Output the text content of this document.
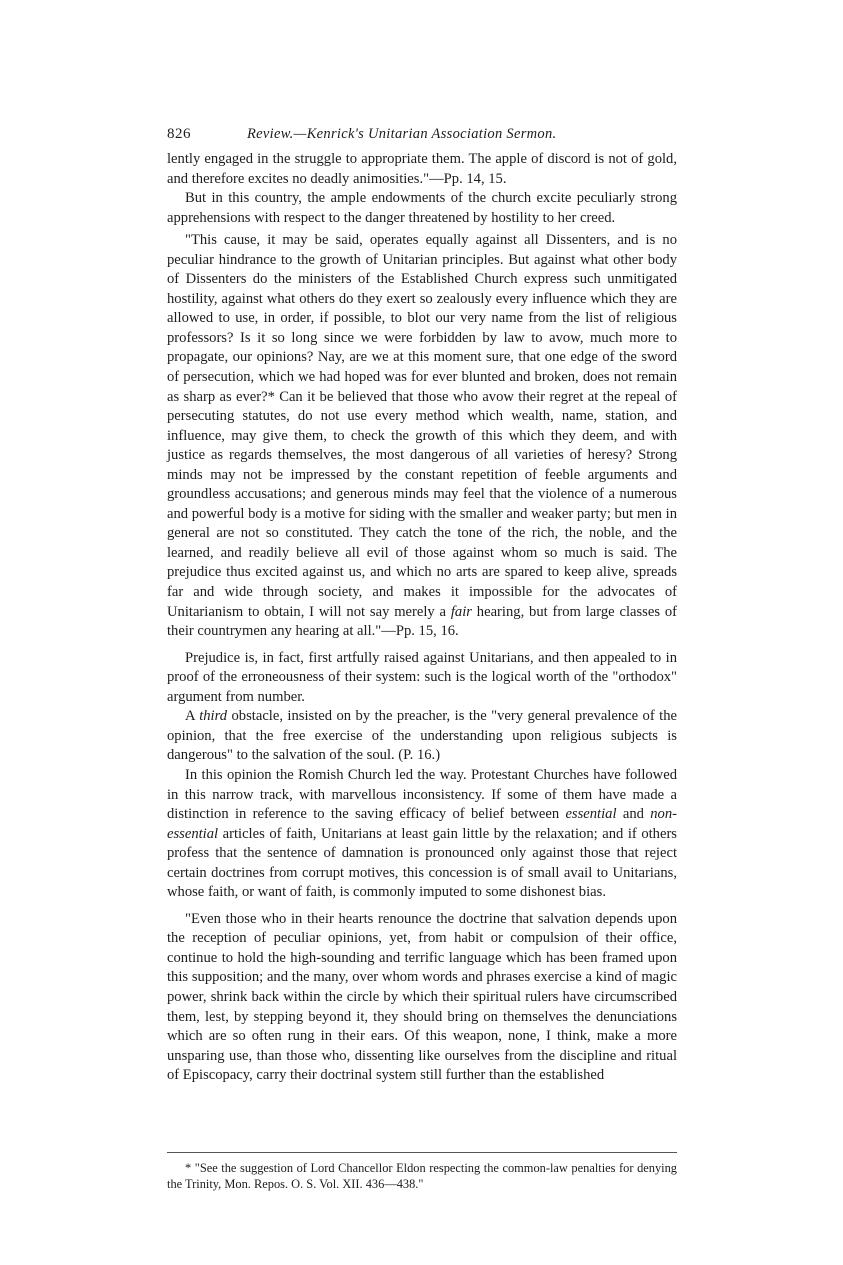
826	Review.—Kenrick's Unitarian Association Sermon.

lently engaged in the struggle to appropriate them. The apple of discord is not of gold, and therefore excites no deadly animosities."—Pp. 14, 15.

But in this country, the ample endowments of the church excite peculiarly strong apprehensions with respect to the danger threatened by hostility to her creed.

"This cause, it may be said, operates equally against all Dissenters, and is no peculiar hindrance to the growth of Unitarian principles. But against what other body of Dissenters do the ministers of the Established Church express such unmitigated hostility, against what others do they exert so zealously every influence which they are allowed to use, in order, if possible, to blot our very name from the list of religious professors? Is it so long since we were forbidden by law to avow, much more to propagate, our opinions? Nay, are we at this moment sure, that one edge of the sword of persecution, which we had hoped was for ever blunted and broken, does not remain as sharp as ever?* Can it be believed that those who avow their regret at the repeal of persecuting statutes, do not use every method which wealth, name, station, and influence, may give them, to check the growth of this which they deem, and with justice as regards themselves, the most dangerous of all varieties of heresy? Strong minds may not be impressed by the constant repetition of feeble arguments and groundless accusations; and generous minds may feel that the violence of a numerous and powerful body is a motive for siding with the smaller and weaker party; but men in general are not so constituted. They catch the tone of the rich, the noble, and the learned, and readily believe all evil of those against whom so much is said. The prejudice thus excited against us, and which no arts are spared to keep alive, spreads far and wide through society, and makes it impossible for the advocates of Unitarianism to obtain, I will not say merely a fair hearing, but from large classes of their countrymen any hearing at all."—Pp. 15, 16.

Prejudice is, in fact, first artfully raised against Unitarians, and then appealed to in proof of the erroneousness of their system: such is the logical worth of the "orthodox" argument from number.

A third obstacle, insisted on by the preacher, is the "very general prevalence of the opinion, that the free exercise of the understanding upon religious subjects is dangerous" to the salvation of the soul. (P. 16.)

In this opinion the Romish Church led the way. Protestant Churches have followed in this narrow track, with marvellous inconsistency. If some of them have made a distinction in reference to the saving efficacy of belief between essential and non-essential articles of faith, Unitarians at least gain little by the relaxation; and if others profess that the sentence of damnation is pronounced only against those that reject certain doctrines from corrupt motives, this concession is of small avail to Unitarians, whose faith, or want of faith, is commonly imputed to some dishonest bias.

"Even those who in their hearts renounce the doctrine that salvation depends upon the reception of peculiar opinions, yet, from habit or compulsion of their office, continue to hold the high-sounding and terrific language which has been framed upon this supposition; and the many, over whom words and phrases exercise a kind of magic power, shrink back within the circle by which their spiritual rulers have circumscribed them, lest, by stepping beyond it, they should bring on themselves the denunciations which are so often rung in their ears. Of this weapon, none, I think, make a more unsparing use, than those who, dissenting like ourselves from the discipline and ritual of Episcopacy, carry their doctrinal system still further than the established

* "See the suggestion of Lord Chancellor Eldon respecting the common-law penalties for denying the Trinity, Mon. Repos. O. S. Vol. XII. 436—438."
